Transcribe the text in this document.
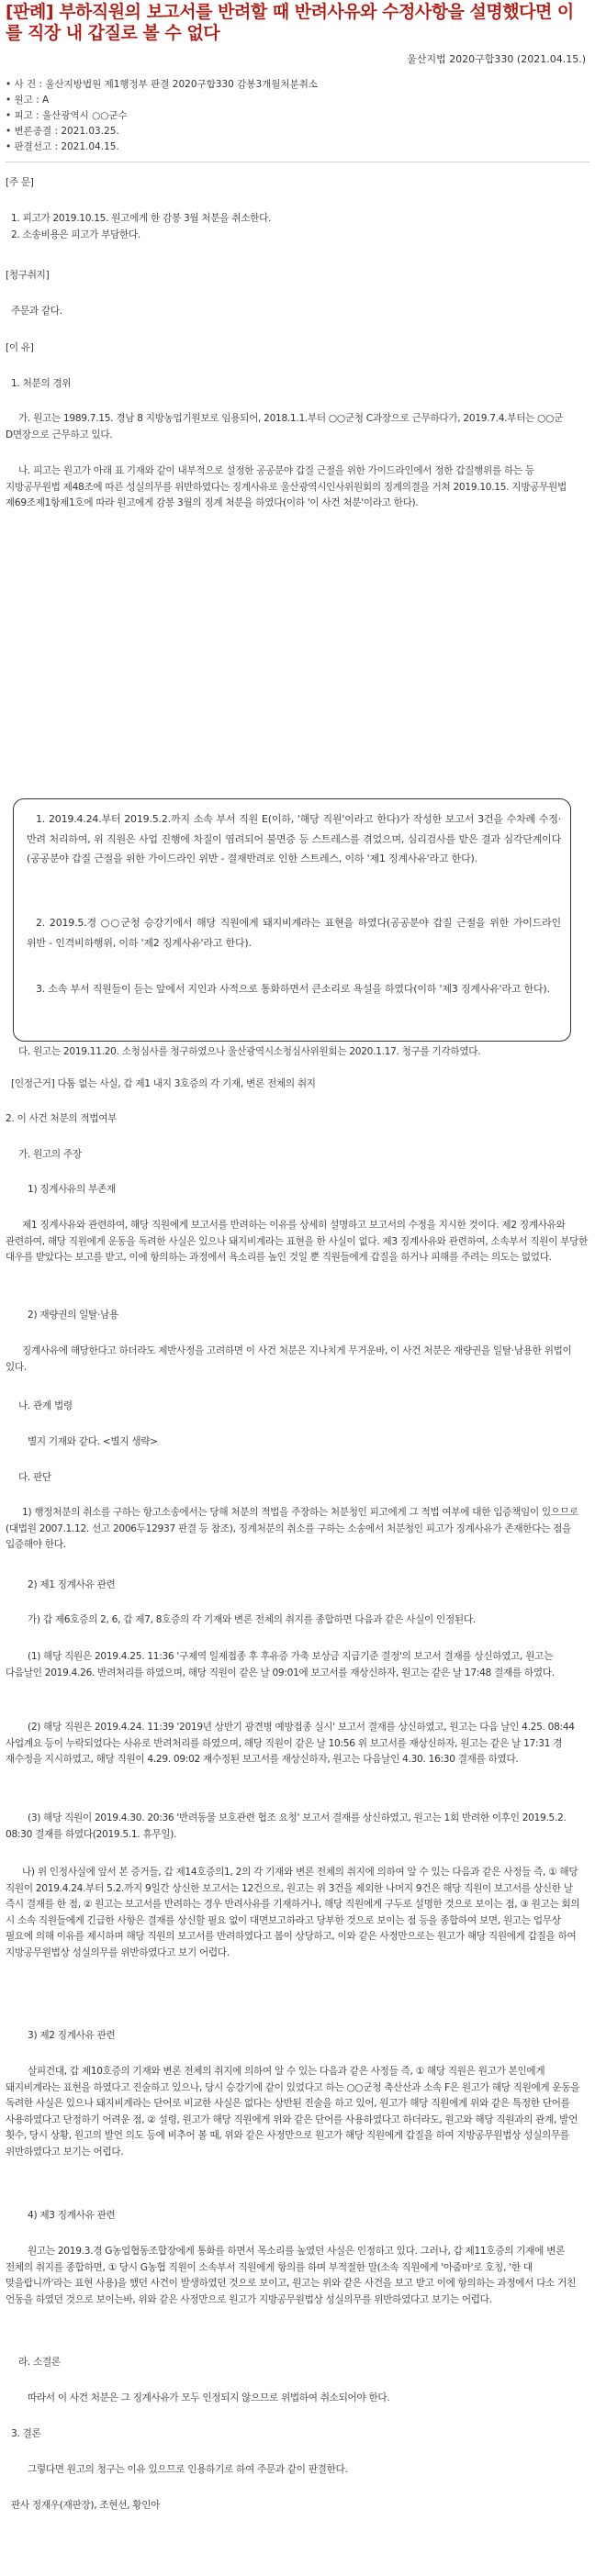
[판례] 부하직원의 보고서를 반려할 때 반려사유와 수정사항을 설명했다면 이를 직장 내 갑질로 볼 수 없다
울산지법 2020구합330 (2021.04.15.)
• 사 건 : 울산지방법원 제1행정부 판결 2020구합330 감봉3개월처분취소
• 원고 : A
• 피고 : 울산광역시 ○○군수
• 변론종결 : 2021.03.25.
• 판결선고 : 2021.04.15.
[주 문]
1. 피고가 2019.10.15. 원고에게 한 감봉 3월 처분을 취소한다.
2. 소송비용은 피고가 부담한다.
[청구취지]
주문과 같다.
[이 유]
1. 처분의 경위
가. 원고는 1989.7.15. 경남 8 지방농업기원보로 임용되어, 2018.1.1.부터 ○○군청 C과장으로 근무하다가, 2019.7.4.부터는 ○○군 D면장으로 근무하고 있다.
나. 피고는 원고가 아래 표 기재와 같이 내부적으로 설정한 공공분야 갑질 근절을 위한 가이드라인에서 정한 갑질행위를 하는 등 지방공무원법 제48조에 따른 성실의무를 위반하였다는 징계사유로 울산광역시인사위원회의 징계의결을 거쳐 2019.10.15. 지방공무원법 제69조제1항제1호에 따라 원고에게 감봉 3월의 징계 처분을 하였다(이하 '이 사건 처분'이라고 한다).
1. 2019.4.24.부터 2019.5.2.까지 소속 부서 직원 E(이하, '해당 직원'이라고 한다)가 작성한 보고서 3건을 수차례 수정·반려 처리하여, 위 직원은 사업 진행에 차질이 염려되어 불면증 등 스트레스를 겪었으며, 심리검사를 받은 결과 심각단계이다(공공분야 갑질 근절을 위한 가이드라인 위반 - 결재반려로 인한 스트레스, 이하 '제1 징계사유'라고 한다).
2. 2019.5.경 ○○군청 승강기에서 해당 직원에게 돼지비계라는 표현을 하였다(공공분야 갑질 근절을 위한 가이드라인 위반 - 인격비하행위, 이하 '제2 징계사유'라고 한다).
3. 소속 부서 직원들이 듣는 앞에서 지인과 사적으로 통화하면서 큰소리로 욕설을 하였다(이하 '제3 징계사유'라고 한다).
다. 원고는 2019.11.20. 소청심사를 청구하였으나 울산광역시소청심사위원회는 2020.1.17. 청구를 기각하였다.
[인정근거] 다툼 없는 사실, 갑 제1 내지 3호증의 각 기재, 변론 전체의 취지
2. 이 사건 처분의 적법여부
가. 원고의 주장
1) 징계사유의 부존재
제1 징계사유와 관련하여, 해당 직원에게 보고서를 반려하는 이유를 상세히 설명하고 보고서의 수정을 지시한 것이다. 제2 징계사유와 관련하여, 해당 직원에게 운동을 독려한 사실은 있으나 돼지비계라는 표현을 한 사실이 없다. 제3 징계사유와 관련하여, 소속부서 직원이 부당한 대우를 받았다는 보고를 받고, 이에 항의하는 과정에서 욕소리를 높인 것일 뿐 직원들에게 갑질을 하거나 피해를 주려는 의도는 없었다.
2) 재량권의 일탈·남용
징계사유에 해당한다고 하더라도 제반사정을 고려하면 이 사건 처분은 지나치게 무거운바, 이 사건 처분은 재량권을 일탈·남용한 위법이 있다.
나. 관계 법령
별지 기재와 같다. <별지 생략>
다. 판단
1) 행정처분의 취소를 구하는 항고소송에서는 당해 처분의 적법을 주장하는 처분청인 피고에게 그 적법 여부에 대한 입증책임이 있으므로(대법원 2007.1.12. 선고 2006두12937 판결 등 참조), 징계처분의 취소를 구하는 소송에서 처분청인 피고가 징계사유가 존재한다는 점을 입증해야 한다.
2) 제1 징계사유 관련
가) 갑 제6호증의 2, 6, 갑 제7, 8호증의 각 기재와 변론 전체의 취지를 종합하면 다음과 같은 사실이 인정된다.
(1) 해당 직원은 2019.4.25. 11:36 '구제역 일제접종 후 후유증 가축 보상금 지급기준 결정'의 보고서 결재를 상신하였고, 원고는 다음날인 2019.4.26. 반려처리를 하였으며, 해당 직원이 같은 날 09:01에 보고서를 재상신하자, 원고는 같은 날 17:48 결재를 하였다.
(2) 해당 직원은 2019.4.24. 11:39 '2019년 상반기 광견병 예방접종 실시' 보고서 결재를 상신하였고, 원고는 다음 날인 4.25. 08:44 사업계요 등이 누락되었다는 사유로 반려처리를 하였으며, 해당 직원이 같은 날 10:56 위 보고서를 재상신하자, 원고는 같은 날 17:31 경 재수정을 지시하였고, 해당 직원이 4.29. 09:02 재수정된 보고서를 재상신하자, 원고는 다음날인 4.30. 16:30 결재를 하였다.
(3) 해당 직원이 2019.4.30. 20:36 '반려동물 보호관련 협조 요청' 보고서 결재를 상신하였고, 원고는 1회 반려한 이후인 2019.5.2. 08:30 결재를 하였다(2019.5.1. 휴무일).
나) 위 인정사실에 앞서 본 증거들, 갑 제14호증의1, 2의 각 기재와 변론 전체의 취지에 의하여 알 수 있는 다음과 같은 사정들 즉, ① 해당 직원이 2019.4.24.부터 5.2.까지 9일간 상신한 보고서는 12건으로, 원고는 위 3건을 제외한 나머지 9건은 해당 직원이 보고서를 상신한 날 즉시 결재를 한 점, ② 원고는 보고서를 반려하는 경우 반려사유를 기재하거나, 해당 직원에게 구두로 설명한 것으로 보이는 점, ③ 원고는 회의 시 소속 직원들에게 긴급한 사항은 결재를 상신할 필요 없이 대면보고하라고 당부한 것으로 보이는 점 등을 종합하여 보면, 원고는 업무상 필요에 의해 이유를 제시하며 해당 직원의 보고서를 반려하였다고 봄이 상당하고, 이와 같은 사정만으로는 원고가 해당 직원에게 갑질을 하여 지방공무원법상 성실의무를 위반하였다고 보기 어렵다.
3) 제2 징계사유 관련
살피건대, 갑 제10호증의 기재와 변론 전체의 취지에 의하여 알 수 있는 다음과 같은 사정들 즉, ① 해당 직원은 원고가 본인에게 돼지비계라는 표현을 하였다고 진술하고 있으나, 당시 승강기에 같이 있었다고 하는 ○○군청 축산산과 소속 F은 원고가 해당 직원에게 운동을 독려한 사실은 있으나 돼지비계라는 단어로 비교한 사실은 없다는 상반된 진술을 하고 있어, 원고가 해당 직원에게 위와 같은 특정한 단어를 사용하였다고 단정하기 어려운 점, ② 설령, 원고가 해당 직원에게 위와 같은 단어를 사용하였다고 하더라도, 원고와 해당 직원과의 관계, 발언 횟수, 당시 상황, 원고의 발언 의도 등에 비추어 볼 때, 위와 같은 사정만으로 원고가 해당 직원에게 갑질을 하여 지방공무원법상 성실의무를 위반하였다고 보기는 어렵다.
4) 제3 징계사유 관련
원고는 2019.3.경 G농업협동조합장에게 통화를 하면서 목소리를 높였던 사실은 인정하고 있다. 그러나, 갑 제11호증의 기재에 변론 전체의 취지를 종합하면, ① 당시 G농협 직원이 소속부서 직원에게 항의를 하며 부적절한 말(소속 직원에게 '아줌마'로 호칭, '한 대 맞을랍니까'라는 표현 사용)을 했던 사건이 발생하였던 것으로 보이고, 원고는 위와 같은 사건을 보고 받고 이에 항의하는 과정에서 다소 거친 언동을 하였던 것으로 보이는바, 위와 같은 사정만으로 원고가 지방공무원법상 성실의무를 위반하였다고 보기는 어렵다.
라. 소결론
따라서 이 사건 처분은 그 징계사유가 모두 인정되지 않으므로 위법하여 취소되어야 한다.
3. 결론
그렇다면 원고의 청구는 이유 있으므로 인용하기로 하여 주문과 같이 판결한다.
판사 정재우(재판장), 조현선, 황인아
